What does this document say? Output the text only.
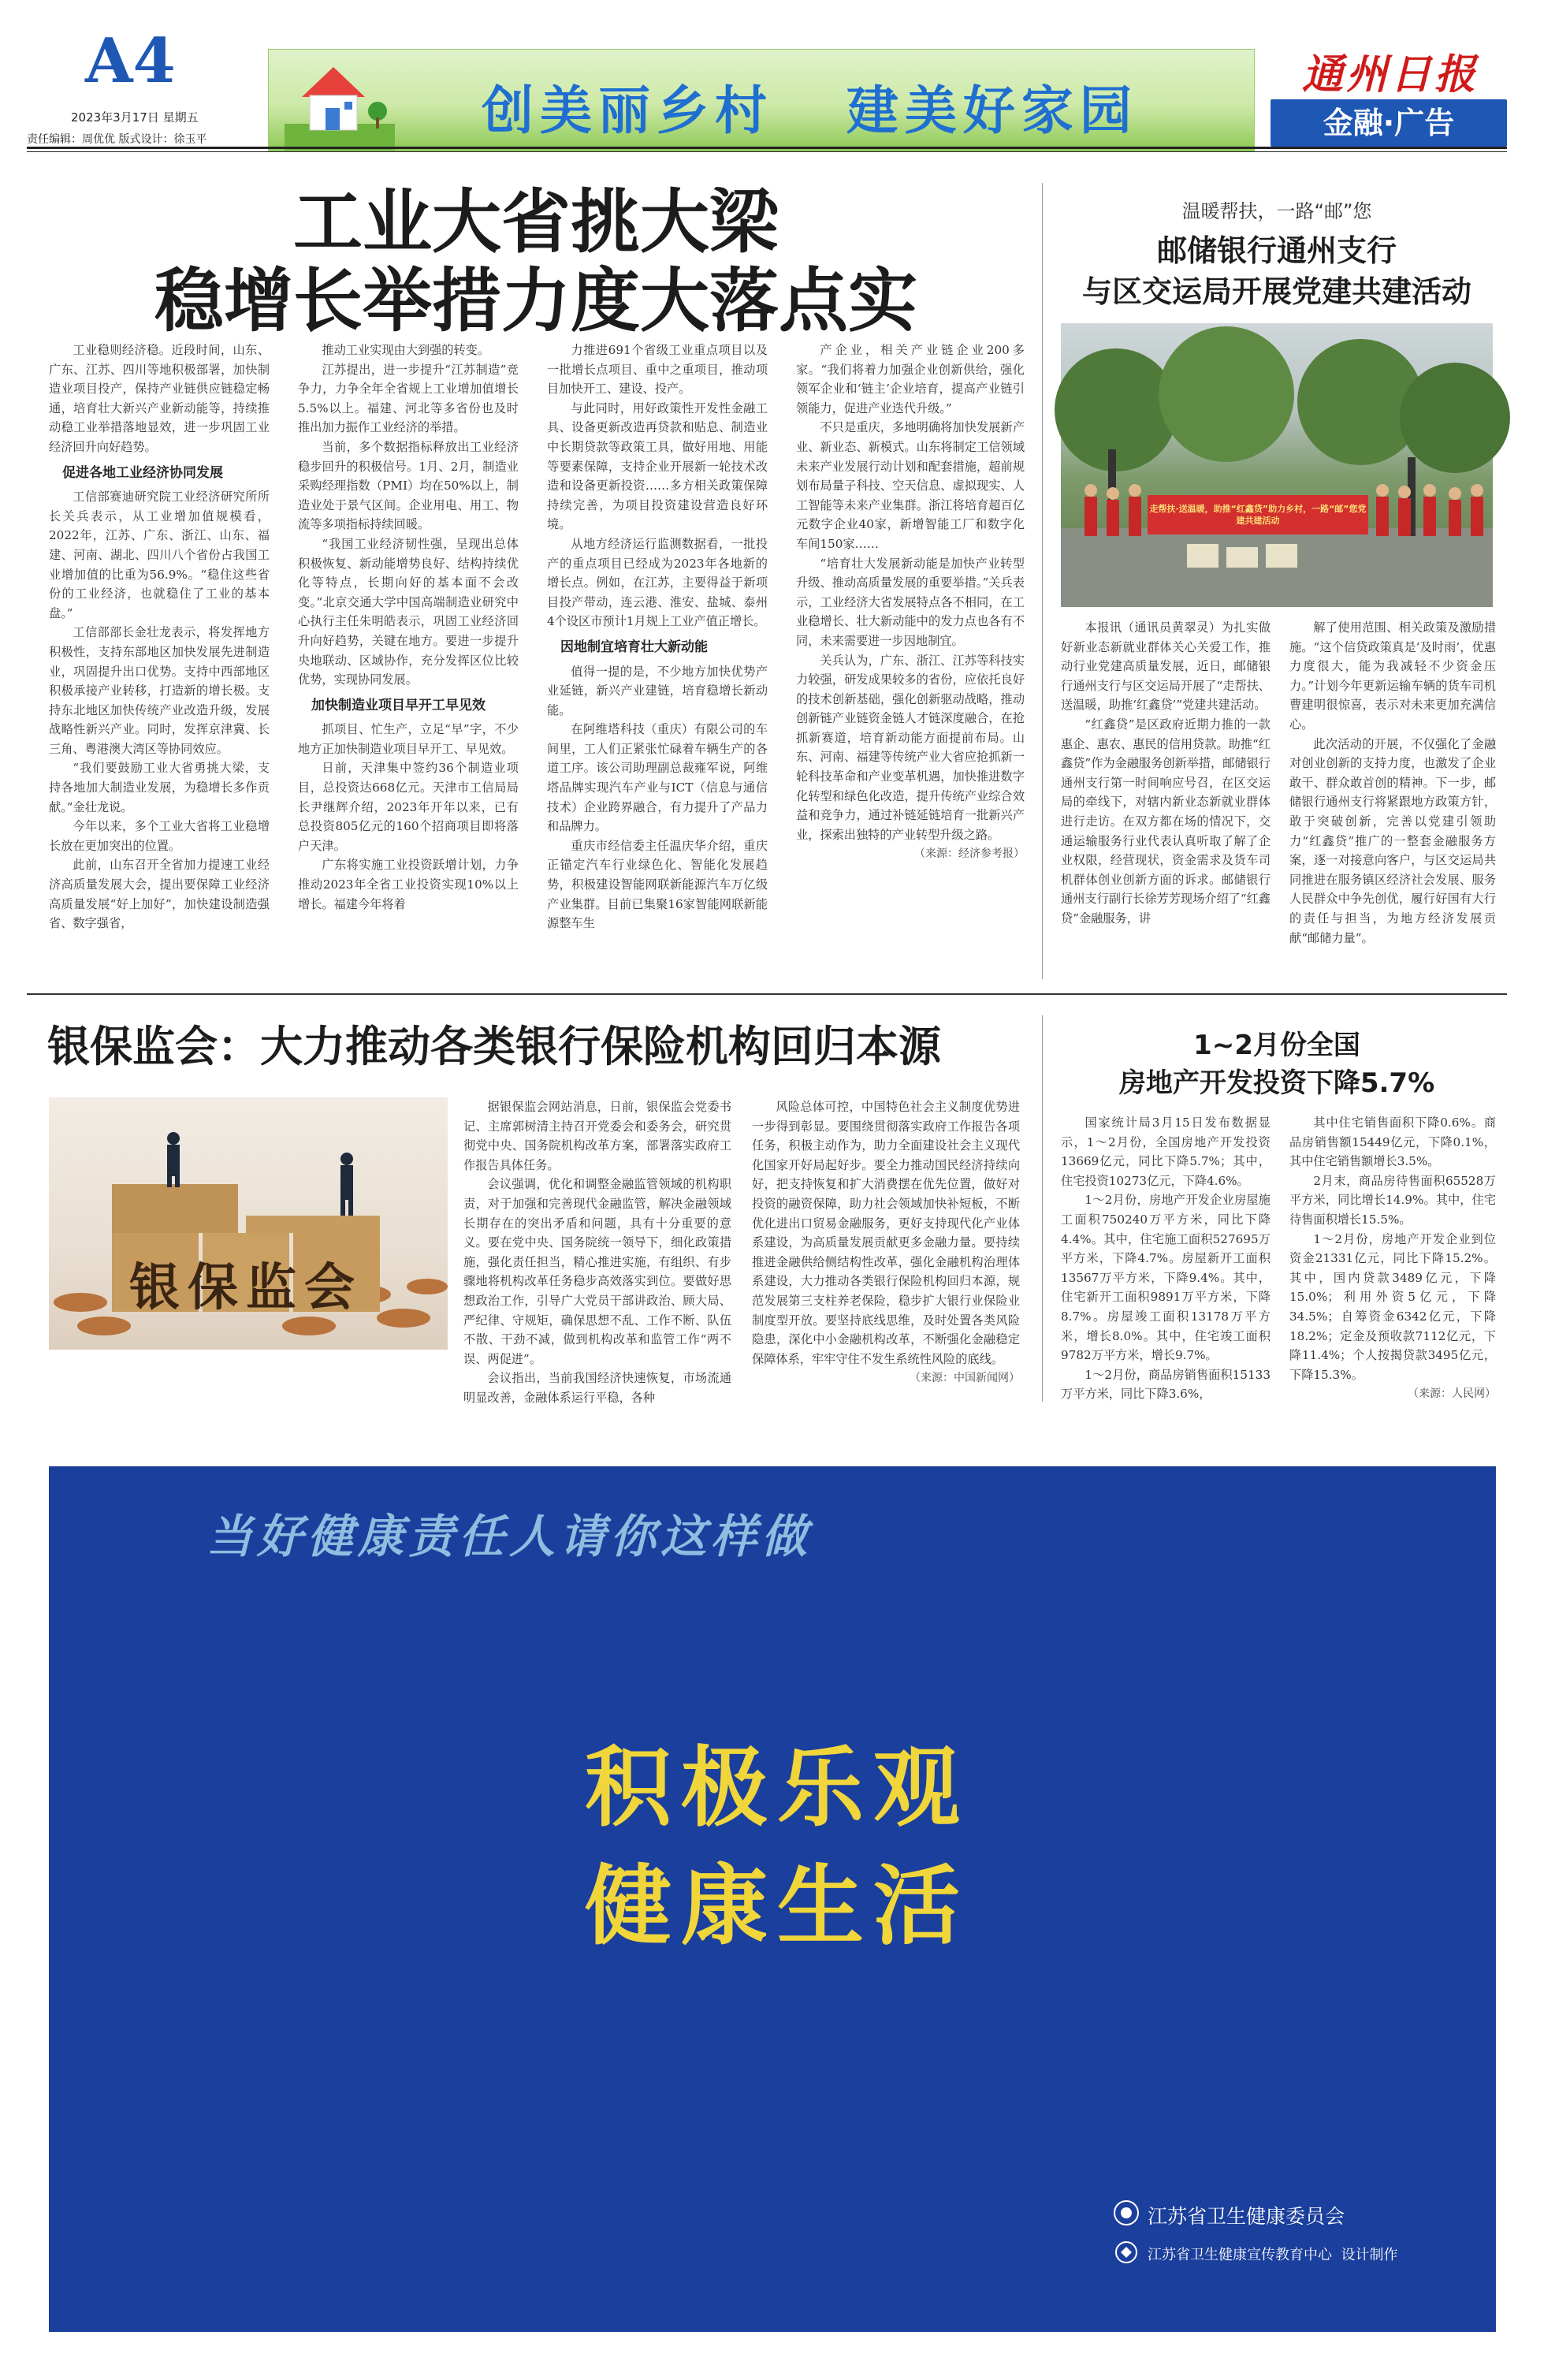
A4
2023年3月17日 星期五
责任编辑：周优优 版式设计：徐玉平	创美丽乡村   建美好家园
通州日报
金融·广告
工业大省挑大梁
稳增长举措力度大落点实

工业稳则经济稳。近段时间，山东、广东、江苏、四川等地积极部署，加快制造业项目投产，保持产业链供应链稳定畅通，培育壮大新兴产业新动能等，持续推动稳工业举措落地显效，进一步巩固工业经济回升向好趋势。

促进各地工业经济协同发展

工信部赛迪研究院工业经济研究所所长关兵表示，从工业增加值规模看，2022年，江苏、广东、浙江、山东、福建、河南、湖北、四川八个省份占我国工业增加值的比重为56.9%。“稳住这些省份的工业经济，也就稳住了工业的基本盘。”

工信部部长金壮龙表示，将发挥地方积极性，支持东部地区加快发展先进制造业，巩固提升出口优势。支持中西部地区积极承接产业转移，打造新的增长极。支持东北地区加快传统产业改造升级，发展战略性新兴产业。同时，发挥京津冀、长三角、粤港澳大湾区等协同效应。

“我们要鼓励工业大省勇挑大梁，支持各地加大制造业发展，为稳增长多作贡献。”金壮龙说。

今年以来，多个工业大省将工业稳增长放在更加突出的位置。

此前，山东召开全省加力提速工业经济高质量发展大会，提出要保障工业经济高质量发展“好上加好”，加快建设制造强省、数字强省，

推动工业实现由大到强的转变。

江苏提出，进一步提升“江苏制造”竞争力，力争全年全省规上工业增加值增长5.5%以上。福建、河北等多省份也及时推出加力振作工业经济的举措。

当前，多个数据指标释放出工业经济稳步回升的积极信号。1月、2月，制造业采购经理指数（PMI）均在50%以上，制造业处于景气区间。企业用电、用工、物流等多项指标持续回暖。

“我国工业经济韧性强，呈现出总体积极恢复、新动能增势良好、结构持续优化等特点，长期向好的基本面不会改变。”北京交通大学中国高端制造业研究中心执行主任朱明皓表示，巩固工业经济回升向好趋势，关键在地方。要进一步提升央地联动、区域协作，充分发挥区位比较优势，实现协同发展。

加快制造业项目早开工早见效

抓项目、忙生产，立足“早”字，不少地方正加快制造业项目早开工、早见效。

日前，天津集中签约36个制造业项目，总投资达668亿元。天津市工信局局长尹继辉介绍，2023年开年以来，已有总投资805亿元的160个招商项目即将落户天津。

广东将实施工业投资跃增计划，力争推动2023年全省工业投资实现10%以上增长。福建今年将着

力推进691个省级工业重点项目以及一批增长点项目、重中之重项目，推动项目加快开工、建设、投产。

与此同时，用好政策性开发性金融工具、设备更新改造再贷款和贴息、制造业中长期贷款等政策工具，做好用地、用能等要素保障，支持企业开展新一轮技术改造和设备更新投资……多方相关政策保障持续完善，为项目投资建设营造良好环境。

从地方经济运行监测数据看，一批投产的重点项目已经成为2023年各地新的增长点。例如，在江苏，主要得益于新项目投产带动，连云港、淮安、盐城、泰州4个设区市预计1月规上工业产值正增长。

因地制宜培育壮大新动能

值得一提的是，不少地方加快优势产业延链，新兴产业建链，培育稳增长新动能。

在阿维塔科技（重庆）有限公司的车间里，工人们正紧张忙碌着车辆生产的各道工序。该公司助理副总裁雍军说，阿维塔品牌实现汽车产业与ICT（信息与通信技术）企业跨界融合，有力提升了产品力和品牌力。

重庆市经信委主任温庆华介绍，重庆正锚定汽车行业绿色化、智能化发展趋势，积极建设智能网联新能源汽车万亿级产业集群。目前已集聚16家智能网联新能源整车生

产企业，相关产业链企业200多家。“我们将着力加强企业创新供给，强化领军企业和‘链主’企业培育，提高产业链引领能力，促进产业迭代升级。”

不只是重庆，多地明确将加快发展新产业、新业态、新模式。山东将制定工信领域未来产业发展行动计划和配套措施，超前规划布局量子科技、空天信息、虚拟现实、人工智能等未来产业集群。浙江将培育超百亿元数字企业40家，新增智能工厂和数字化车间150家……

“培育壮大发展新动能是加快产业转型升级、推动高质量发展的重要举措。”关兵表示，工业经济大省发展特点各不相同，在工业稳增长、壮大新动能中的发力点也各有不同，未来需要进一步因地制宜。

关兵认为，广东、浙江、江苏等科技实力较强，研发成果较多的省份，应依托良好的技术创新基础，强化创新驱动战略，推动创新链产业链资金链人才链深度融合，在抢抓新赛道，培育新动能方面提前布局。山东、河南、福建等传统产业大省应抢抓新一轮科技革命和产业变革机遇，加快推进数字化转型和绿色化改造，提升传统产业综合效益和竞争力，通过补链延链培育一批新兴产业，探索出独特的产业转型升级之路。

（来源：经济参考报）

温暖帮扶，一路“邮”您
邮储银行通州支行
与区交运局开展党建共建活动
走帮扶·送温暖，助推“红鑫贷”助力乡村，一路“邮”您党建共建活动

本报讯（通讯员黄翠灵）为扎实做好新业态新就业群体关心关爱工作，推动行业党建高质量发展，近日，邮储银行通州支行与区交运局开展了“走帮扶、送温暖，助推‘红鑫贷’”党建共建活动。

“红鑫贷”是区政府近期力推的一款惠企、惠农、惠民的信用贷款。助推“红鑫贷”作为金融服务创新举措，邮储银行通州支行第一时间响应号召，在区交运局的牵线下，对辖内新业态新就业群体进行走访。在双方都在场的情况下，交通运输服务行业代表认真听取了解了企业权限，经营现状，资金需求及货车司机群体创业创新方面的诉求。邮储银行通州支行副行长徐芳芳现场介绍了“红鑫贷”金融服务，讲

解了使用范围、相关政策及激励措施。“这个信贷政策真是‘及时雨’，优惠力度很大，能为我减轻不少资金压力。”计划今年更新运输车辆的货车司机曹建明很惊喜，表示对未来更加充满信心。

此次活动的开展，不仅强化了金融对创业创新的支持力度，也激发了企业敢干、群众敢首创的精神。下一步，邮储银行通州支行将紧跟地方政策方针，敢于突破创新，完善以党建引领助力“红鑫贷”推广的一整套金融服务方案，逐一对接意向客户，与区交运局共同推进在服务镇区经济社会发展、服务人民群众中争先创优，履行好国有大行的责任与担当，为地方经济发展贡献“邮储力量”。

银保监会：大力推动各类银行保险机构回归本源
银保监会

据银保监会网站消息，日前，银保监会党委书记、主席郭树清主持召开党委会和委务会，研究贯彻党中央、国务院机构改革方案，部署落实政府工作报告具体任务。

会议强调，优化和调整金融监管领域的机构职责，对于加强和完善现代金融监管，解决金融领域长期存在的突出矛盾和问题，具有十分重要的意义。要在党中央、国务院统一领导下，细化政策措施，强化责任担当，精心推进实施，有组织、有步骤地将机构改革任务稳步高效落实到位。要做好思想政治工作，引导广大党员干部讲政治、顾大局、严纪律、守规矩，确保思想不乱、工作不断、队伍不散、干劲不减，做到机构改革和监管工作“两不误、两促进”。

会议指出，当前我国经济快速恢复，市场流通明显改善，金融体系运行平稳，各种

风险总体可控，中国特色社会主义制度优势进一步得到彰显。要围绕贯彻落实政府工作报告各项任务，积极主动作为，助力全面建设社会主义现代化国家开好局起好步。要全力推动国民经济持续向好，把支持恢复和扩大消费摆在优先位置，做好对投资的融资保障，助力社会领域加快补短板，不断优化进出口贸易金融服务，更好支持现代化产业体系建设，为高质量发展贡献更多金融力量。要持续推进金融供给侧结构性改革，强化金融机构治理体系建设，大力推动各类银行保险机构回归本源，规范发展第三支柱养老保险，稳步扩大银行业保险业制度型开放。要坚持底线思维，及时处置各类风险隐患，深化中小金融机构改革，不断强化金融稳定保障体系，牢牢守住不发生系统性风险的底线。

（来源：中国新闻网）

1~2月份全国
房地产开发投资下降5.7%

国家统计局3月15日发布数据显示，1～2月份，全国房地产开发投资13669亿元，同比下降5.7%；其中，住宅投资10273亿元，下降4.6%。

1～2月份，房地产开发企业房屋施工面积750240万平方米，同比下降4.4%。其中，住宅施工面积527695万平方米，下降4.7%。房屋新开工面积13567万平方米，下降9.4%。其中，住宅新开工面积9891万平方米，下降8.7%。房屋竣工面积13178万平方米，增长8.0%。其中，住宅竣工面积9782万平方米，增长9.7%。

1～2月份，商品房销售面积15133万平方米，同比下降3.6%，

其中住宅销售面积下降0.6%。商品房销售额15449亿元，下降0.1%，其中住宅销售额增长3.5%。

2月末，商品房待售面积65528万平方米，同比增长14.9%。其中，住宅待售面积增长15.5%。

1～2月份，房地产开发企业到位资金21331亿元，同比下降15.2%。其中，国内贷款3489亿元，下降15.0%；利用外资5亿元，下降34.5%；自筹资金6342亿元，下降18.2%；定金及预收款7112亿元，下降11.4%；个人按揭贷款3495亿元，下降15.3%。

（来源：人民网）

当好健康责任人请你这样做
积极乐观
健康生活
江苏省卫生健康委员会
江苏省卫生健康宣传教育中心  设计制作
